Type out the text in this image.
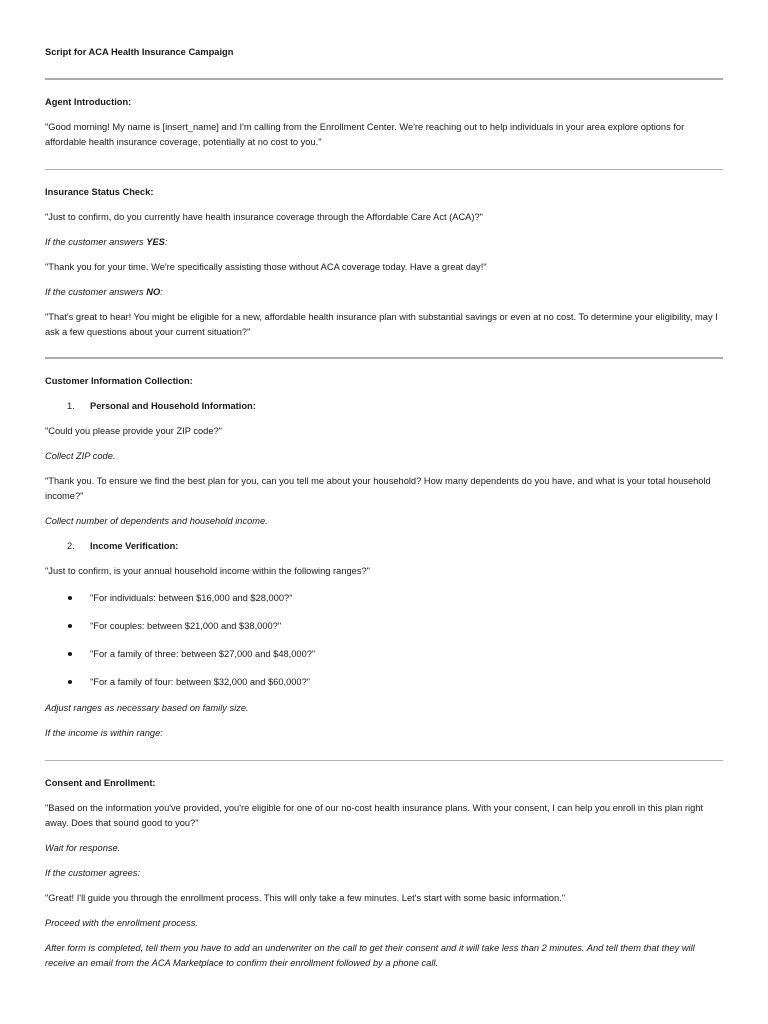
Script for ACA Health Insurance Campaign

Agent Introduction:

"Good morning! My name is [insert_name] and I'm calling from the Enrollment Center. We're reaching out to help individuals in your area explore options for affordable health insurance coverage, potentially at no cost to you."

Insurance Status Check:

"Just to confirm, do you currently have health insurance coverage through the Affordable Care Act (ACA)?"

If the customer answers YES:

"Thank you for your time. We're specifically assisting those without ACA coverage today. Have a great day!"

If the customer answers NO:

"That's great to hear! You might be eligible for a new, affordable health insurance plan with substantial savings or even at no cost. To determine your eligibility, may I ask a few questions about your current situation?"

Customer Information Collection:

1. Personal and Household Information:

"Could you please provide your ZIP code?"

Collect ZIP code.

"Thank you. To ensure we find the best plan for you, can you tell me about your household? How many dependents do you have, and what is your total household income?"

Collect number of dependents and household income.

2. Income Verification:

"Just to confirm, is your annual household income within the following ranges?"

"For individuals: between $16,000 and $28,000?"
"For couples: between $21,000 and $38,000?"
"For a family of three: between $27,000 and $48,000?"
"For a family of four: between $32,000 and $60,000?"

Adjust ranges as necessary based on family size.

If the income is within range:

Consent and Enrollment:

"Based on the information you've provided, you're eligible for one of our no-cost health insurance plans. With your consent, I can help you enroll in this plan right away. Does that sound good to you?"

Wait for response.

If the customer agrees:

"Great! I'll guide you through the enrollment process. This will only take a few minutes. Let's start with some basic information."

Proceed with the enrollment process.

After form is completed, tell them you have to add an underwriter on the call to get their consent and it will take less than 2 minutes. And tell them that they will receive an email from the ACA Marketplace to confirm their enrollment followed by a phone call.
